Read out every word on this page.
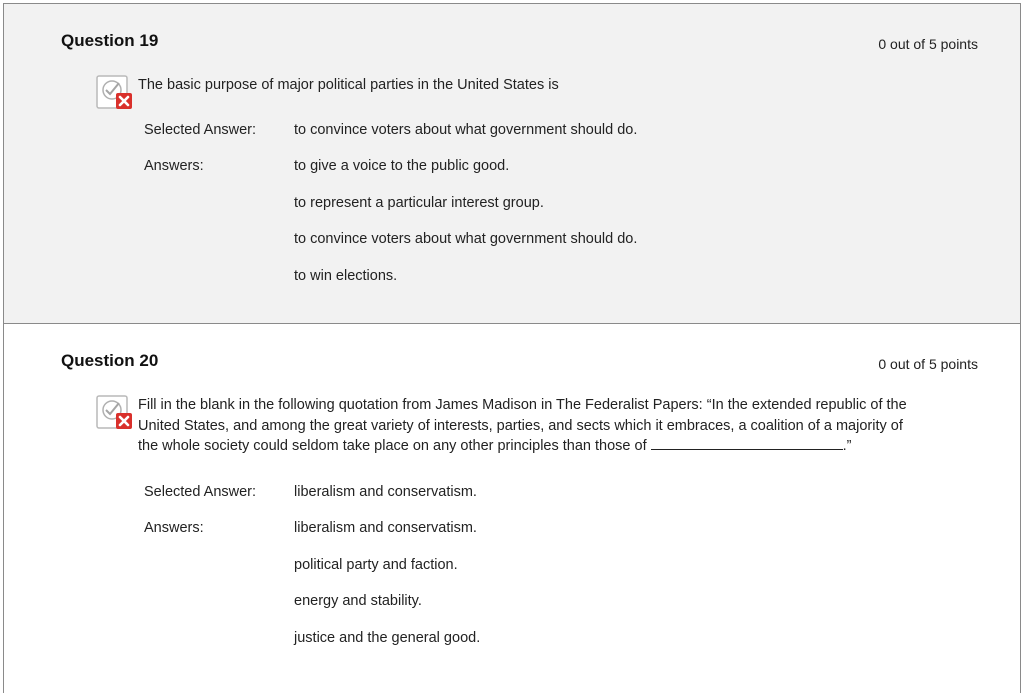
Question 19	0 out of 5 points
The basic purpose of major political parties in the United States is
Selected Answer:	to convince voters about what government should do.
Answers:	to give a voice to the public good.
to represent a particular interest group.
to convince voters about what government should do.
to win elections.
Question 20	0 out of 5 points
Fill in the blank in the following quotation from James Madison in The Federalist Papers: “In the extended republic of the
United States, and among the great variety of interests, parties, and sects which it embraces, a coalition of a majority of
the whole society could seldom take place on any other principles than those of	.”
Selected Answer:	liberalism and conservatism.
Answers:	liberalism and conservatism.
political party and faction.
energy and stability.
justice and the general good.
